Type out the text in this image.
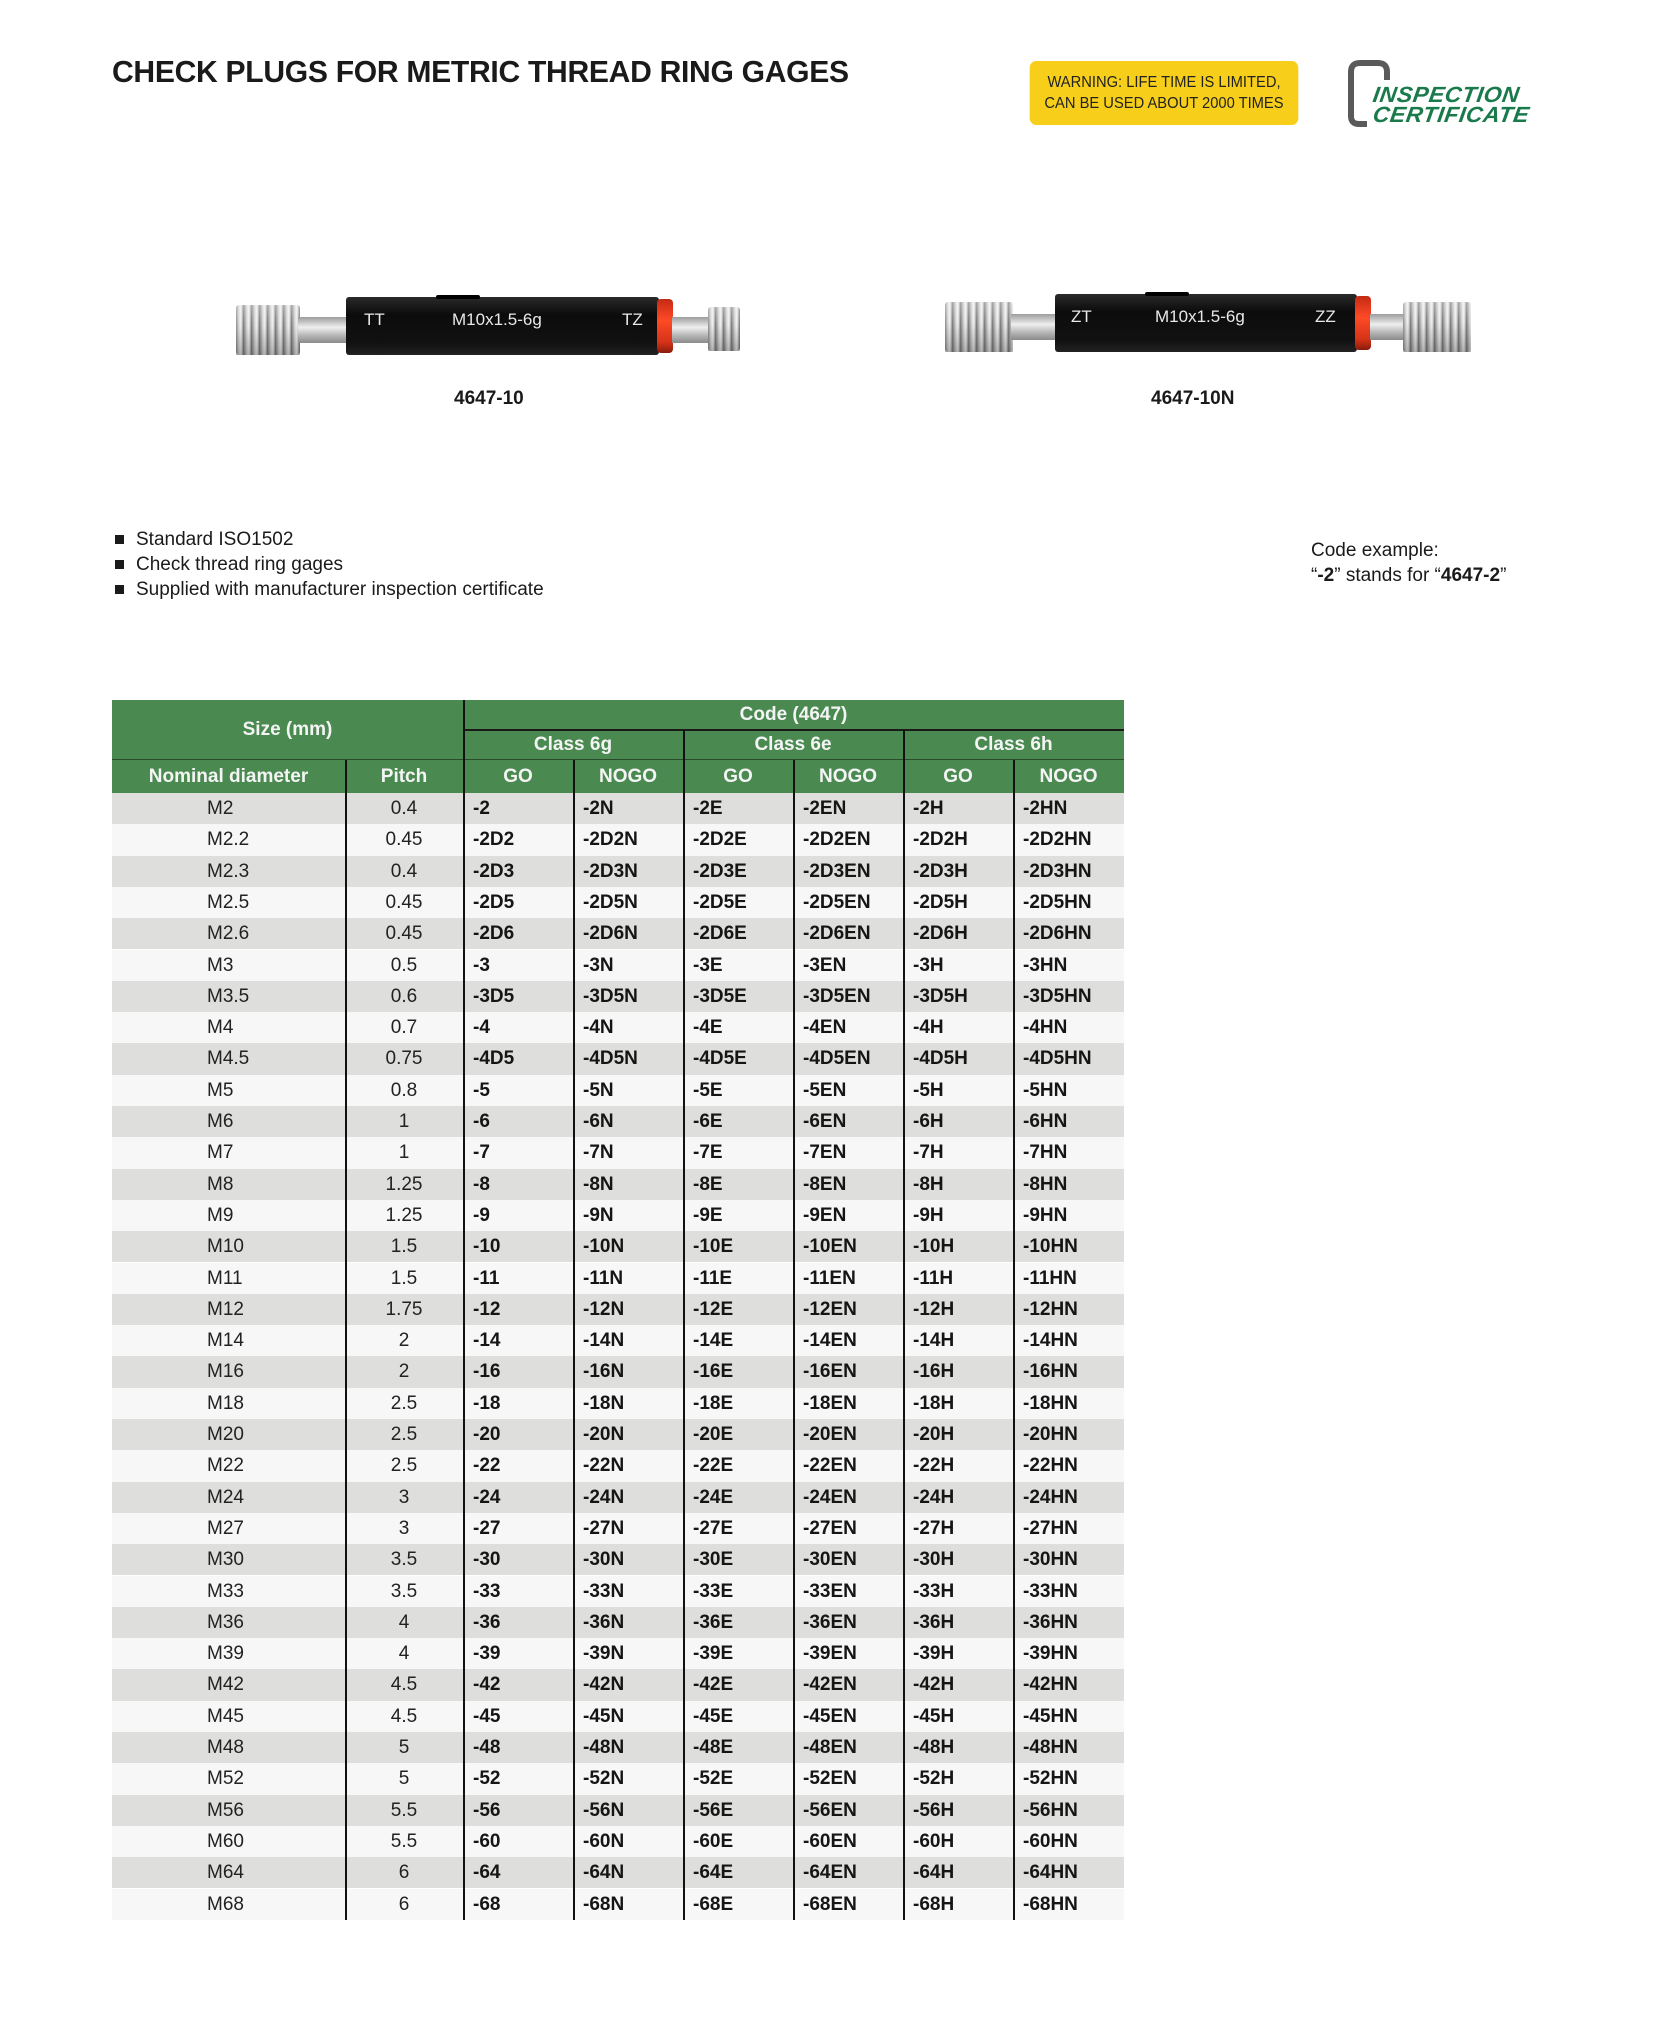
CHECK PLUGS FOR METRIC THREAD RING GAGES	WARNING: LIFE TIME IS LIMITED,
CAN BE USED ABOUT 2000 TIMES	INSPECTION
CERTIFICATE
TT	M10x1.5-6g	TZ
4647-10
ZT	M10x1.5-6g	ZZ
4647-10N
Standard ISO1502
Check thread ring gages
Supplied with manufacturer inspection certificate
Code example:
“-2” stands for “4647-2”
Size (mm)
Code (4647)
Class 6g	Class 6e	Class 6h
Nominal diameter	Pitch	GO	NOGO	GO	NOGO	GO	NOGO
M2	0.4	-2	-2N	-2E	-2EN	-2H	-2HN
M2.2	0.45	-2D2	-2D2N	-2D2E	-2D2EN -2D2H	-2D2HN
M2.3	0.4	-2D3	-2D3N	-2D3E	-2D3EN -2D3H	-2D3HN
M2.5	0.45	-2D5	-2D5N	-2D5E	-2D5EN -2D5H	-2D5HN
M2.6	0.45	-2D6	-2D6N	-2D6E	-2D6EN -2D6H	-2D6HN
M3	0.5	-3	-3N	-3E	-3EN	-3H	-3HN
M3.5	0.6	-3D5	-3D5N	-3D5E	-3D5EN -3D5H	-3D5HN
M4	0.7	-4	-4N	-4E	-4EN	-4H	-4HN
M4.5	0.75	-4D5	-4D5N	-4D5E	-4D5EN -4D5H	-4D5HN
M5	0.8	-5	-5N	-5E	-5EN	-5H	-5HN
M6	1	-6	-6N	-6E	-6EN	-6H	-6HN
M7	1	-7	-7N	-7E	-7EN	-7H	-7HN
M8	1.25	-8	-8N	-8E	-8EN	-8H	-8HN
M9	1.25	-9	-9N	-9E	-9EN	-9H	-9HN
M10	1.5	-10	-10N	-10E	-10EN	-10H	-10HN
M11	1.5	-11	-11N	-11E	-11EN	-11H	-11HN
M12	1.75	-12	-12N	-12E	-12EN	-12H	-12HN
M14	2	-14	-14N	-14E	-14EN	-14H	-14HN
M16	2	-16	-16N	-16E	-16EN	-16H	-16HN
M18	2.5	-18	-18N	-18E	-18EN	-18H	-18HN
M20	2.5	-20	-20N	-20E	-20EN	-20H	-20HN
M22	2.5	-22	-22N	-22E	-22EN	-22H	-22HN
M24	3	-24	-24N	-24E	-24EN	-24H	-24HN
M27	3	-27	-27N	-27E	-27EN	-27H	-27HN
M30	3.5	-30	-30N	-30E	-30EN	-30H	-30HN
M33	3.5	-33	-33N	-33E	-33EN	-33H	-33HN
M36	4	-36	-36N	-36E	-36EN	-36H	-36HN
M39	4	-39	-39N	-39E	-39EN	-39H	-39HN
M42	4.5	-42	-42N	-42E	-42EN	-42H	-42HN
M45	4.5	-45	-45N	-45E	-45EN	-45H	-45HN
M48	5	-48	-48N	-48E	-48EN	-48H	-48HN
M52	5	-52	-52N	-52E	-52EN	-52H	-52HN
M56	5.5	-56	-56N	-56E	-56EN	-56H	-56HN
M60	5.5	-60	-60N	-60E	-60EN	-60H	-60HN
M64	6	-64	-64N	-64E	-64EN	-64H	-64HN
M68	6	-68	-68N	-68E	-68EN	-68H	-68HN
